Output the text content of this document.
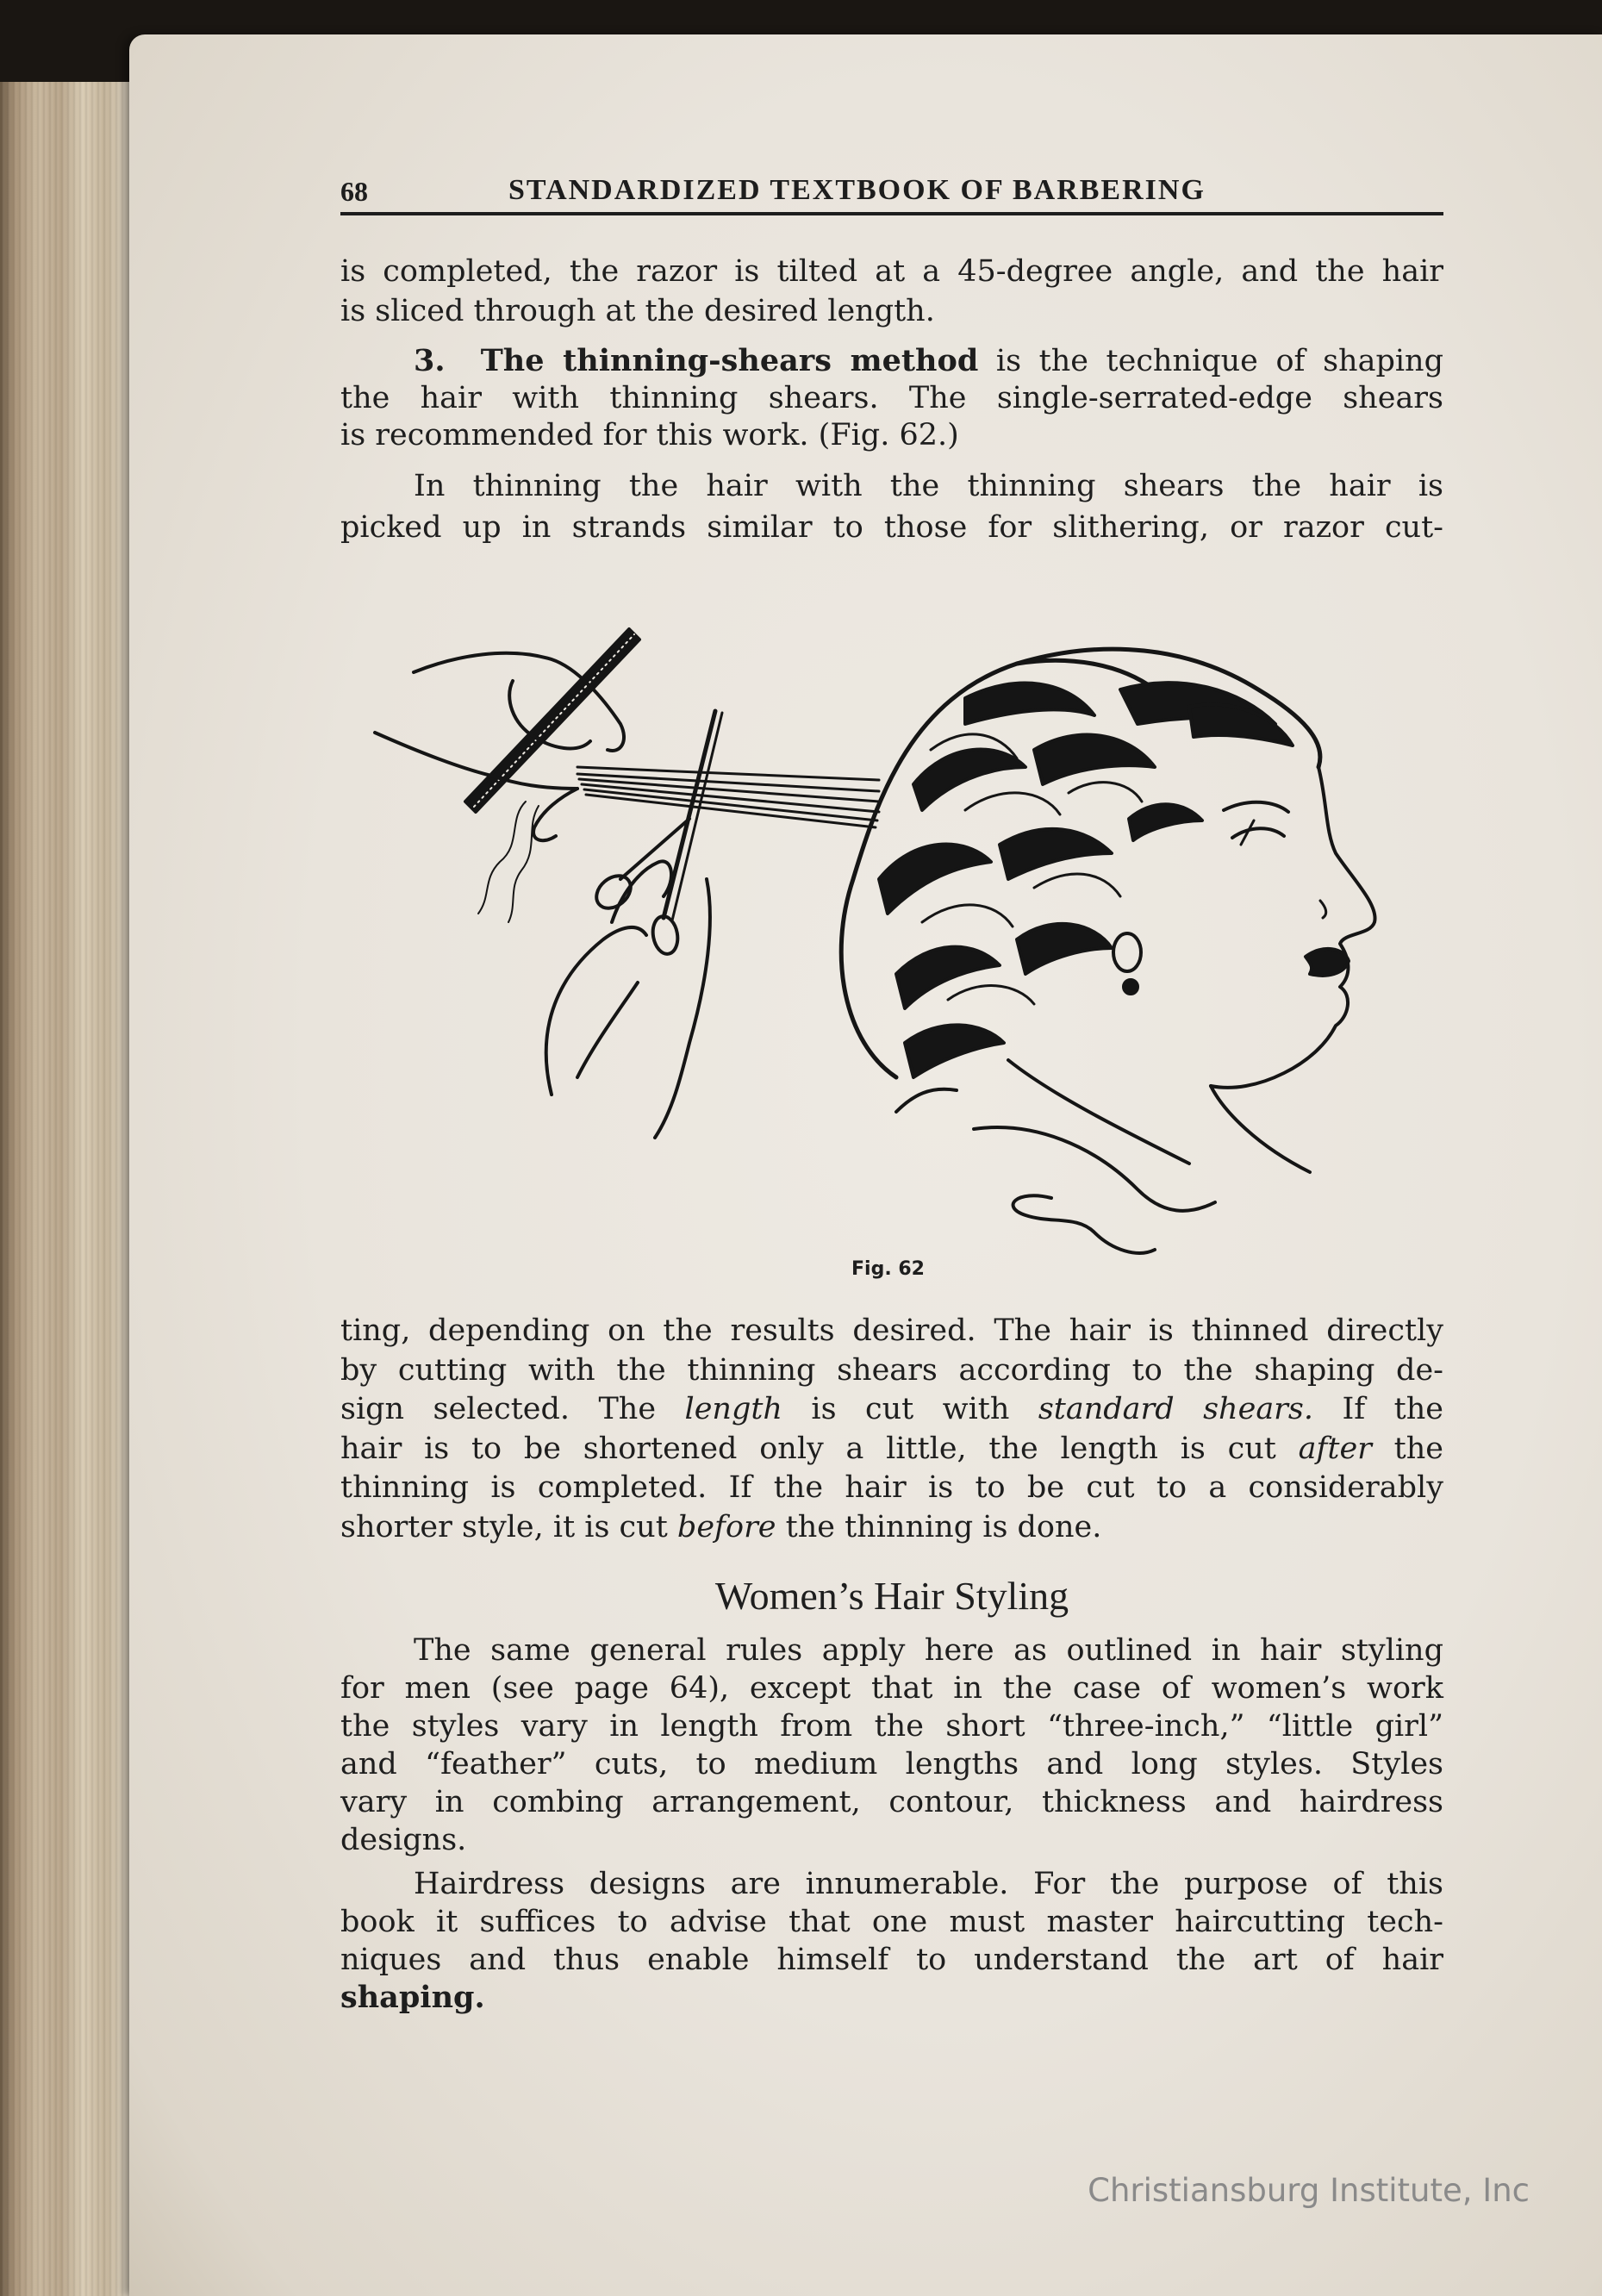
68	STANDARDIZED TEXTBOOK OF BARBERING
is completed, the razor is tilted at a 45-degree angle, and the hair
is sliced through at the desired length.
3. The thinning-shears method is the technique of shaping
the hair with thinning shears. The single-serrated-edge shears
is recommended for this work. (Fig. 62.)
In thinning the hair with the thinning shears the hair is
picked up in strands similar to those for slithering, or razor cut-
Fig. 62
ting, depending on the results desired. The hair is thinned directly
by cutting with the thinning shears according to the shaping de-
sign selected. The length is cut with standard shears. If the
hair is to be shortened only a little, the length is cut after the
thinning is completed. If the hair is to be cut to a considerably
shorter style, it is cut before the thinning is done.
Women’s Hair Styling
The same general rules apply here as outlined in hair styling
for men (see page 64), except that in the case of women’s work
the styles vary in length from the short “three-inch,” “little girl”
and “feather” cuts, to medium lengths and long styles. Styles
vary in combing arrangement, contour, thickness and hairdress
designs.
Hairdress designs are innumerable. For the purpose of this
book it suffices to advise that one must master haircutting tech-
niques and thus enable himself to understand the art of hair
shaping.
Christiansburg Institute, Inc
